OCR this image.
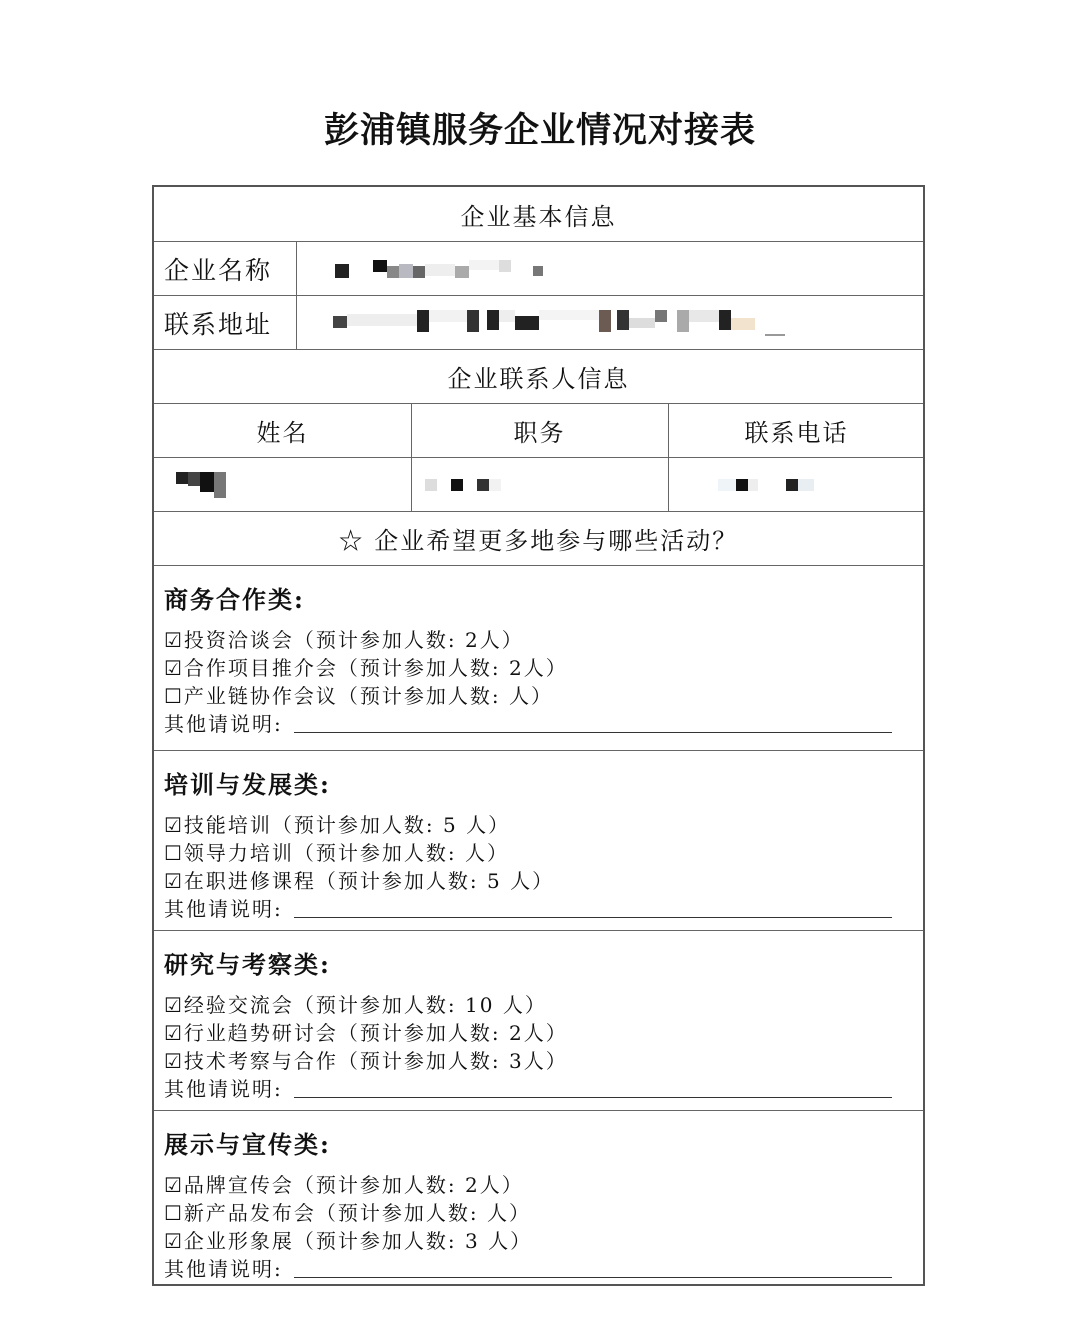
彭浦镇服务企业情况对接表
企业基本信息
企业名称
联系地址
企业联系人信息
姓名	职务	联系电话
☆ 企业希望更多地参与哪些活动？
商务合作类:
☑投资洽谈会（预计参加人数: 2人）
☑合作项目推介会（预计参加人数: 2人）
☐产业链协作会议（预计参加人数: 人）
其他请说明:
培训与发展类:
☑技能培训（预计参加人数: 5 人）
☐领导力培训（预计参加人数: 人）
☑在职进修课程（预计参加人数: 5 人）
其他请说明:
研究与考察类:
☑经验交流会（预计参加人数: 10 人）
☑行业趋势研讨会（预计参加人数: 2人）
☑技术考察与合作（预计参加人数: 3人）
其他请说明:
展示与宣传类:
☑品牌宣传会（预计参加人数: 2人）
☐新产品发布会（预计参加人数: 人）
☑企业形象展（预计参加人数: 3 人）
其他请说明:
